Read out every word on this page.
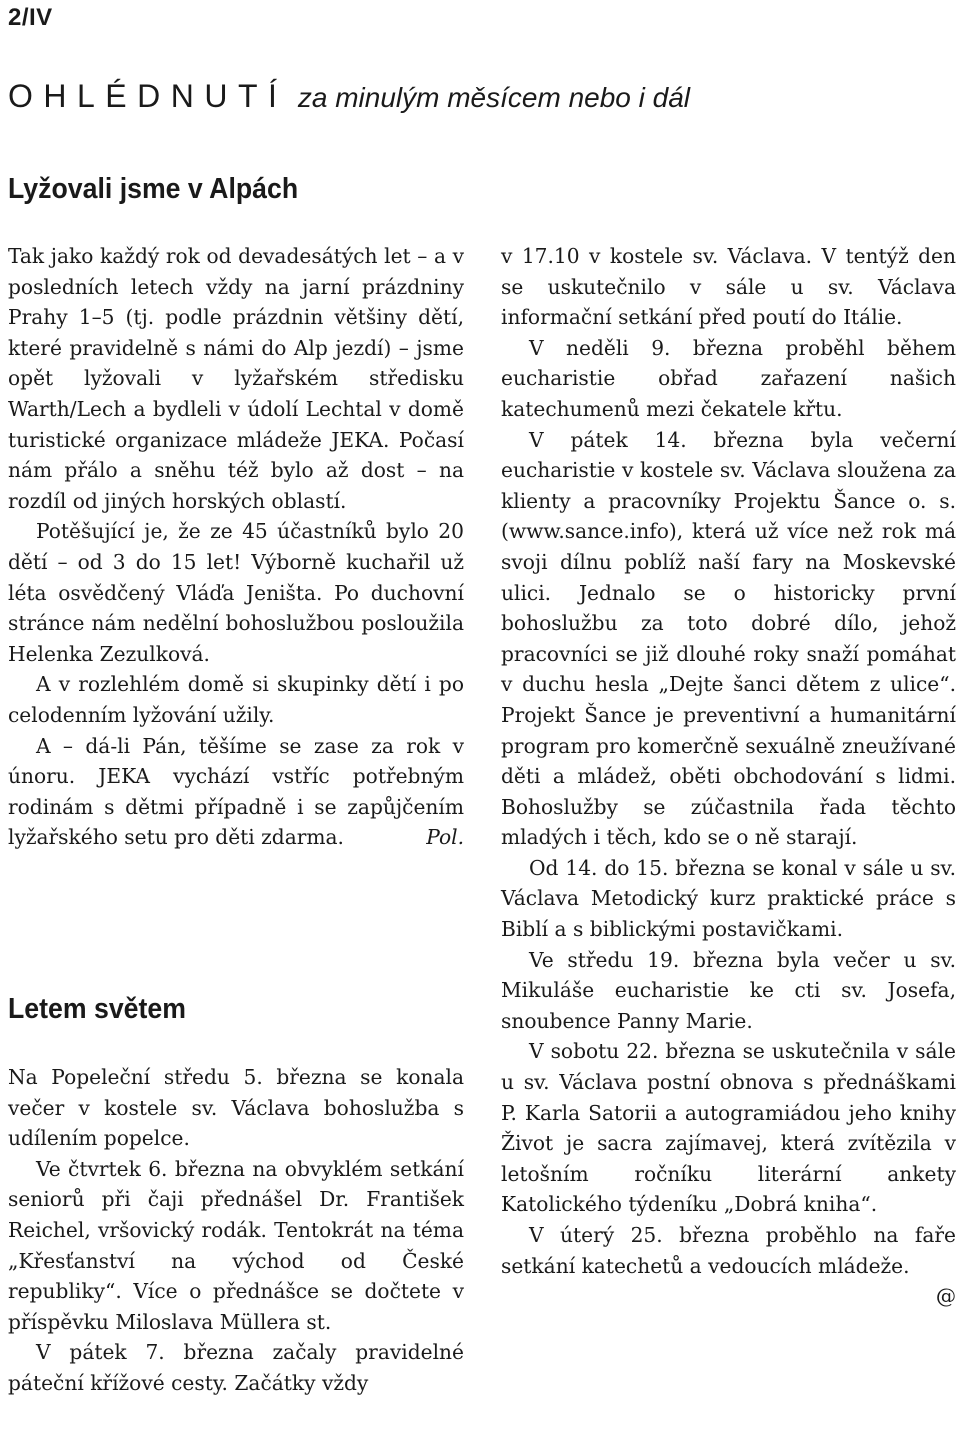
2/IV
OHLÉDNUTÍ za minulým měsícem nebo i dál
Lyžovali jsme v Alpách

Tak jako každý rok od devadesátých let – a v posledních letech vždy na jarní prázdniny Prahy 1–5 (tj. podle prázdnin většiny dětí, které pravidelně s námi do Alp jezdí) – jsme opět lyžovali v lyžařském středisku Warth/Lech a bydleli v údolí Lechtal v domě turistické organizace mládeže JEKA. Počasí nám přálo a sněhu též bylo až dost – na rozdíl od jiných horských oblastí.

Potěšující je, že ze 45 účastníků bylo 20 dětí – od 3 do 15 let! Výborně kuchařil už léta osvědčený Vláďa Jeništa. Po duchovní stránce nám nedělní bohoslužbou posloužila Helenka Zezulková.

A v rozlehlém domě si skupinky dětí i po celodenním lyžování užily.

A – dá-li Pán, těšíme se zase za rok v únoru. JEKA vychází vstříc potřebným rodinám s dětmi případně i se zapůjčením lyžařského setu pro děti zdarma.	Pol.

Letem světem

Na Popeleční středu 5. března se konala večer v kostele sv. Václava bohoslužba s udílením popelce.

Ve čtvrtek 6. března na obvyklém setkání seniorů při čaji přednášel Dr. František Reichel, vršovický rodák. Tentokrát na téma „Křesťanství na východ od České republiky“. Více o přednášce se dočtete v příspěvku Miloslava Müllera st.

V pátek 7. března začaly pravidelné páteční křížové cesty. Začátky vždy

v 17.10 v kostele sv. Václava. V tentýž den se uskutečnilo v sále u sv. Václava informační setkání před poutí do Itálie.

V neděli 9. března proběhl během eucharistie obřad zařazení našich katechumenů mezi čekatele křtu.

V pátek 14. března byla večerní eucharistie v kostele sv. Václava sloužena za klienty a pracovníky Projektu Šance o. s. (www.sance.info), která už více než rok má svoji dílnu poblíž naší fary na Moskevské ulici. Jednalo se o historicky první bohoslužbu za toto dobré dílo, jehož pracovníci se již dlouhé roky snaží pomáhat v duchu hesla „Dejte šanci dětem z ulice“. Projekt Šance je preventivní a humanitární program pro komerčně sexuálně zneužívané děti a mládež, oběti obchodování s lidmi. Bohoslužby se zúčastnila řada těchto mladých i těch, kdo se o ně starají.

Od 14. do 15. března se konal v sále u sv. Václava Metodický kurz praktické práce s Biblí a s biblickými postavičkami.

Ve středu 19. března byla večer u sv. Mikuláše eucharistie ke cti sv. Josefa, snoubence Panny Marie.

V sobotu 22. března se uskutečnila v sále u sv. Václava postní obnova s přednáškami P. Karla Satorii a autogramiádou jeho knihy Život je sacra zajímavej, která zvítězila v letošním ročníku literární ankety Katolického týdeníku „Dobrá kniha“.

V úterý 25. března proběhlo na faře setkání katechetů a vedoucích mládeže.

@
